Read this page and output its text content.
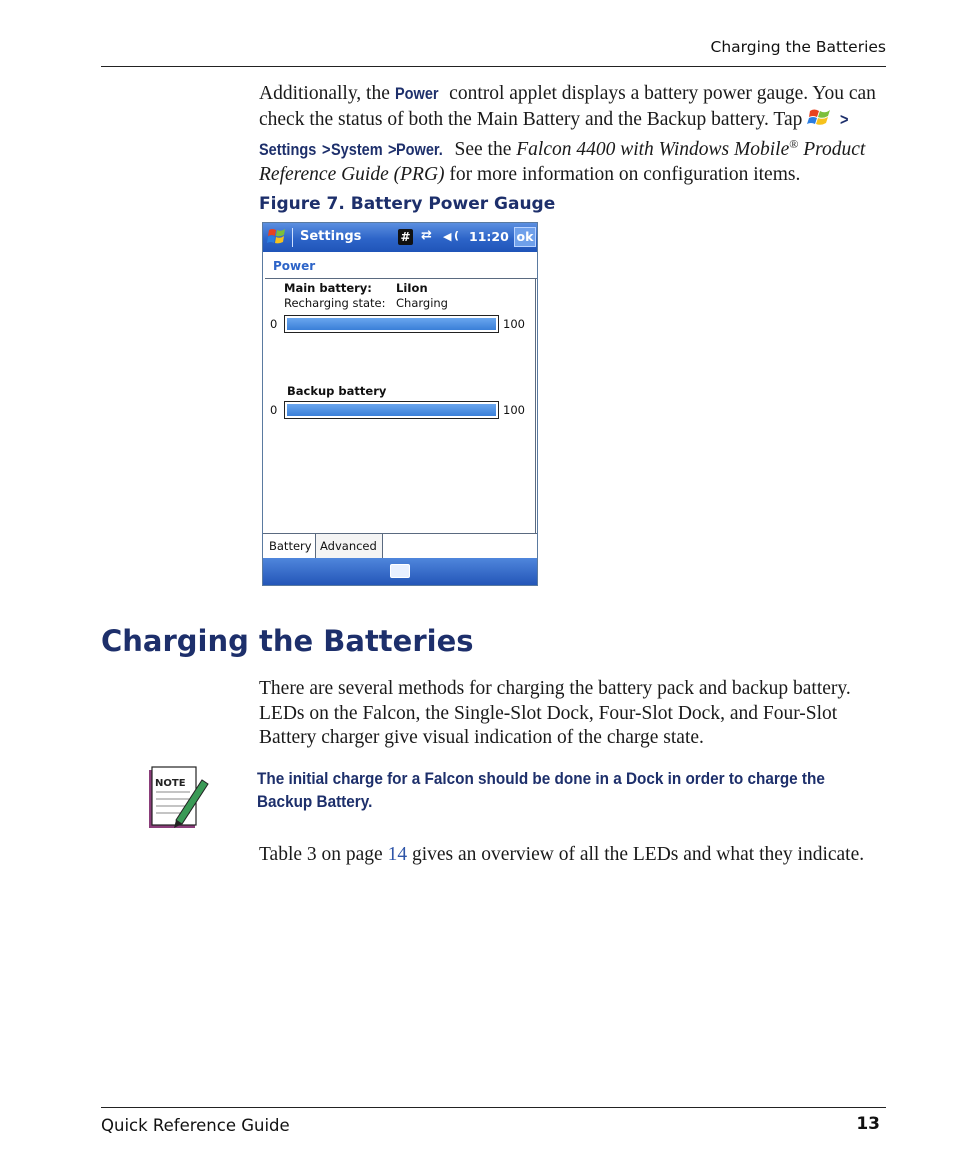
Charging the Batteries
Additionally, the Power control applet displays a battery power gauge. You can check the status of both the Main Battery and the Backup battery. Tap  >
Settings > System > Power. See the Falcon 4400 with Windows Mobile® Product Reference Guide (PRG) for more information on configuration items.
Figure 7. Battery Power Gauge
Settings	# ⇄ ◀ ( 11:20 ok
Power
Main battery: LiIon
Recharging state: Charging
0	100
Backup battery
0	100
Battery Advanced
Charging the Batteries
There are several methods for charging the battery pack and backup battery. LEDs on the Falcon, the Single-Slot Dock, Four-Slot Dock, and Four-Slot Battery charger give visual indication of the charge state.
NOTE	The initial charge for a Falcon should be done in a Dock in order to charge the Backup Battery.
Table 3 on page 14 gives an overview of all the LEDs and what they indicate.
Quick Reference Guide	13
